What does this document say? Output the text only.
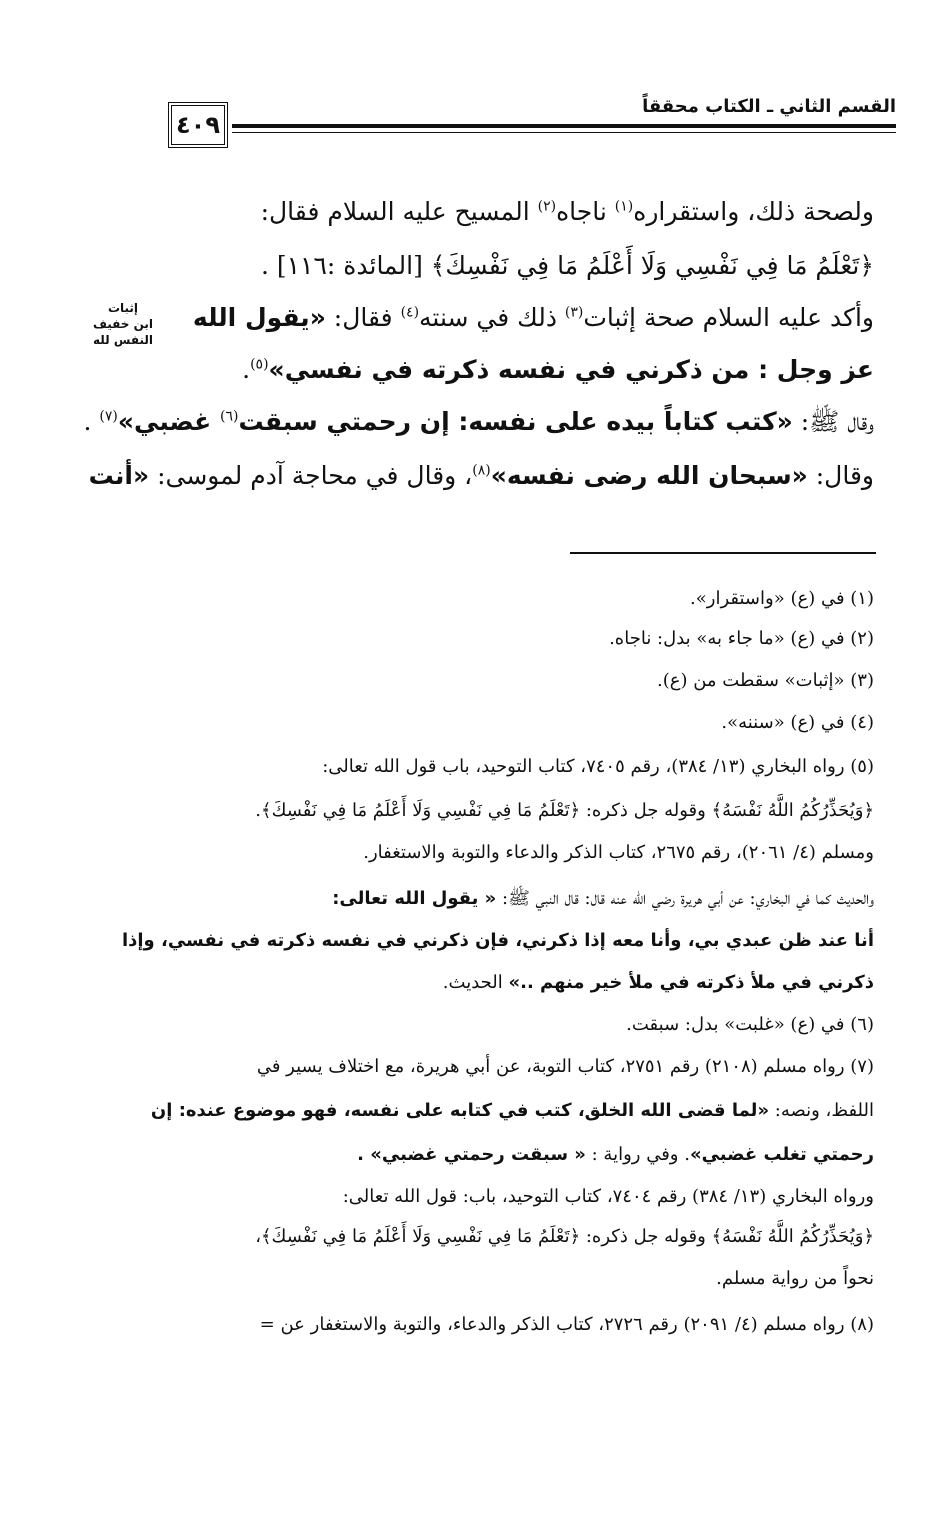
٤٠٩
القسم الثاني ـ الكتاب محققاً
إثبات
ابن خفيف
النفس لله
ولصحة ذلك، واستقراره$^{(١)}$ ناجاه$^{(٢)}$ المسيح عليه السلام فقال:
﴿تَعْلَمُ مَا فِي نَفْسِي وَلَا أَعْلَمُ مَا فِي نَفْسِكَ﴾ [المائدة :١١٦] .
وأكد عليه السلام صحة إثبات$^{(٣)}$ ذلك في سنته$^{(٤)}$ فقال: «يقول الله
عز وجل : من ذكرني في نفسه ذكرته في نفسي»$^{(٥)}$.
وقال ﷺ: «كتب كتاباً بيده على نفسه: إن رحمتي سبقت$^{(٦)}$ غضبي»$^{(٧)}$ .
وقال: «سبحان الله رضى نفسه»$^{(٨)}$، وقال في محاجة آدم لموسى: «أنت
(١) في (ع) «واستقرار».
(٢) في (ع) «ما جاء به» بدل: ناجاه.
(٣) «إثبات» سقطت من (ع).
(٤) في (ع) «سننه».
(٥) رواه البخاري (١٣/ ٣٨٤)، رقم ٧٤٠٥، كتاب التوحيد، باب قول الله تعالى:
﴿وَيُحَذِّرُكُمُ اللَّهُ نَفْسَهُ﴾ وقوله جل ذكره: ﴿تَعْلَمُ مَا فِي نَفْسِي وَلَا أَعْلَمُ مَا فِي نَفْسِكَ﴾.
ومسلم (٤/ ٢٠٦١)، رقم ٢٦٧٥، كتاب الذكر والدعاء والتوبة والاستغفار.
والحديث كما في البخاري: عن أبي هريرة رضي الله عنه قال: قال النبي ﷺ: « يقول الله تعالى:
أنا عند ظن عبدي بي، وأنا معه إذا ذكرني، فإن ذكرني في نفسه ذكرته في نفسي، وإذا
ذكرني في ملأ ذكرته في ملأ خير منهم ..» الحديث.
(٦) في (ع) «غلبت» بدل: سبقت.
(٧) رواه مسلم (٢١٠٨) رقم ٢٧٥١، كتاب التوبة، عن أبي هريرة، مع اختلاف يسير في
اللفظ، ونصه: «لما قضى الله الخلق، كتب في كتابه على نفسه، فهو موضوع عنده: إن
رحمتي تغلب غضبي». وفي رواية : « سبقت رحمتي غضبي» .
ورواه البخاري (١٣/ ٣٨٤) رقم ٧٤٠٤، كتاب التوحيد، باب: قول الله تعالى:
﴿وَيُحَذِّرُكُمُ اللَّهُ نَفْسَهُ﴾ وقوله جل ذكره: ﴿تَعْلَمُ مَا فِي نَفْسِي وَلَا أَعْلَمُ مَا فِي نَفْسِكَ﴾،
نحواً من رواية مسلم.
(٨) رواه مسلم (٤/ ٢٠٩١) رقم ٢٧٢٦، كتاب الذكر والدعاء، والتوبة والاستغفار عن =
